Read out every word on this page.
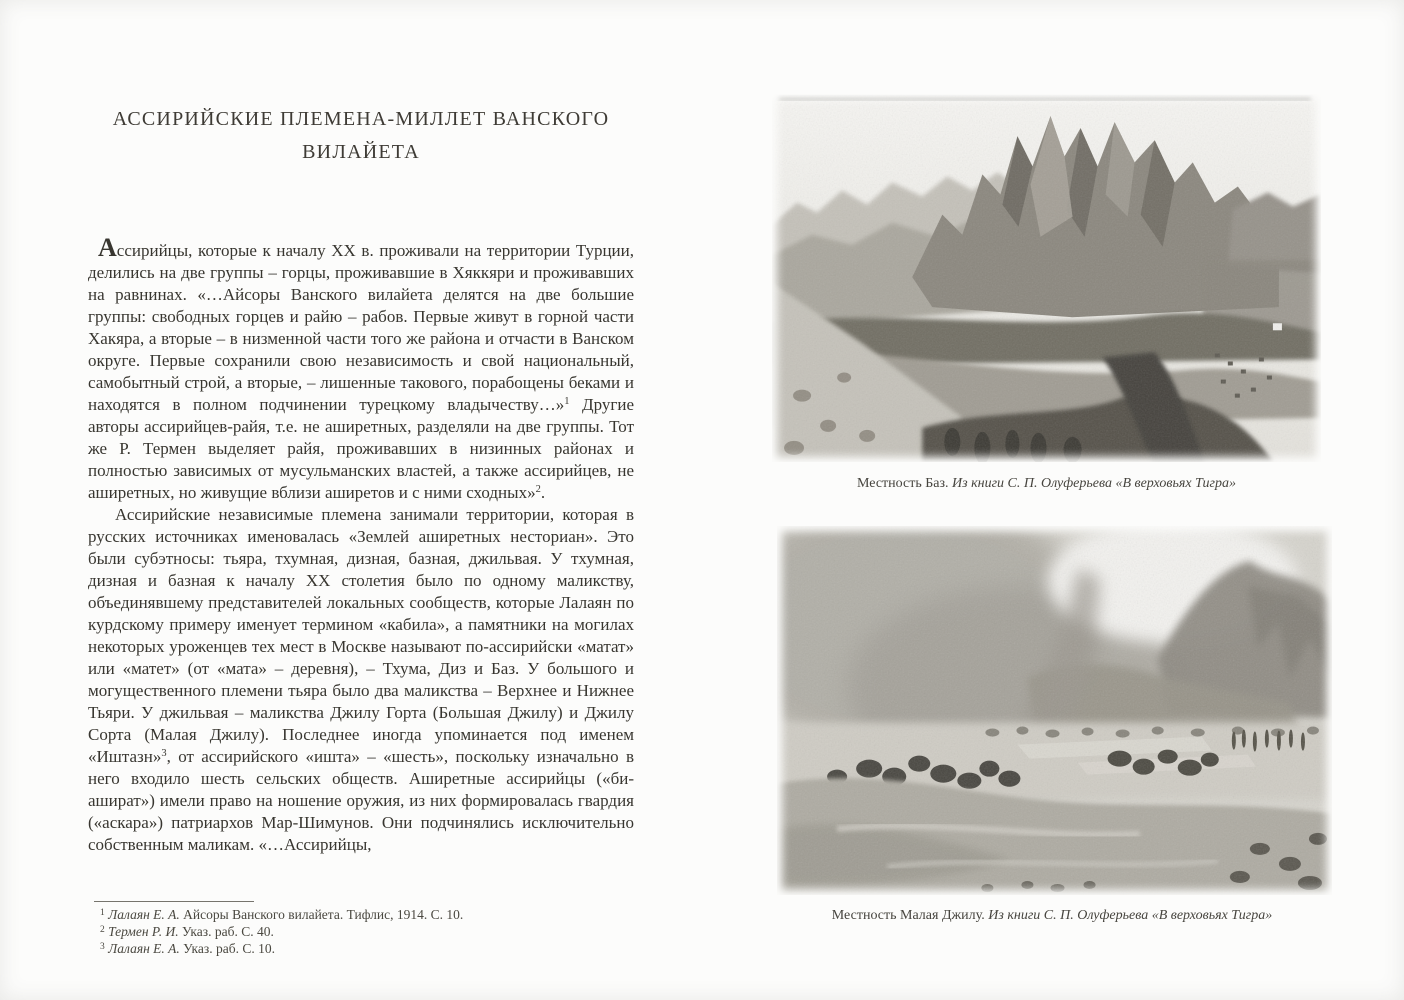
АССИРИЙСКИЕ ПЛЕМЕНА-МИЛЛЕТ ВАНСКОГО ВИЛАЙЕТА

Ассирийцы, которые к началу XX в. проживали на территории Турции, делились на две группы – горцы, проживавшие в Хяккяри и проживавших на равнинах. «…Айсоры Ванского вилайета делятся на две большие группы: свободных горцев и райю – рабов. Первые живут в горной части Хакяра, а вторые – в низменной части того же района и отчасти в Ванском округе. Первые сохранили свою независимость и свой национальный, самобытный строй, а вторые, – лишенные такового, порабощены беками и находятся в полном подчинении турецкому владычеству…»$^1$ Другие авторы ассирийцев-райя, т.е. не аширетных, разделяли на две группы. Тот же Р. Термен выделяет райя, проживавших в низинных районах и полностью зависимых от мусульманских властей, а также ассирийцев, не аширетных, но живущие вблизи аширетов и с ними сходных»$^2$.

Ассирийские независимые племена занимали территории, которая в русских источниках именовалась «Землей аширетных несториан». Это были субэтносы: тьяра, тхумная, дизная, базная, джильвая. У тхумная, дизная и базная к началу XX столетия было по одному маликству, объединявшему представителей локальных сообществ, которые Лалаян по курдскому примеру именует термином «кабила», а памятники на могилах некоторых уроженцев тех мест в Москве называют по-ассирийски «матат» или «матет» (от «мата» – деревня), – Тхума, Диз и Баз. У большого и могущественного племени тьяра было два маликства – Верхнее и Нижнее Тьяри. У джильвая – маликства Джилу Горта (Большая Джилу) и Джилу Сорта (Малая Джилу). Последнее иногда упоминается под именем «Иштазн»$^3$, от ассирийского «ишта» – «шесть», поскольку изначально в него входило шесть сельских обществ. Аширетные ассирийцы («би-ашират») имели право на ношение оружия, из них формировалась гвардия («аскара») патриархов Мар-Шимунов. Они подчинялись исключительно собственным маликам. «…Ассирийцы,

$^1$ Лалаян Е. А. Айсоры Ванского вилайета. Тифлис, 1914. С. 10.
$^2$ Термен Р. И. Указ. раб. С. 40.
$^3$ Лалаян Е. А. Указ. раб. С. 10.
Местность Баз. Из книги С. П. Олуферьева «В верховьях Тигра»
Местность Малая Джилу. Из книги С. П. Олуферьева «В верховьях Тигра»
